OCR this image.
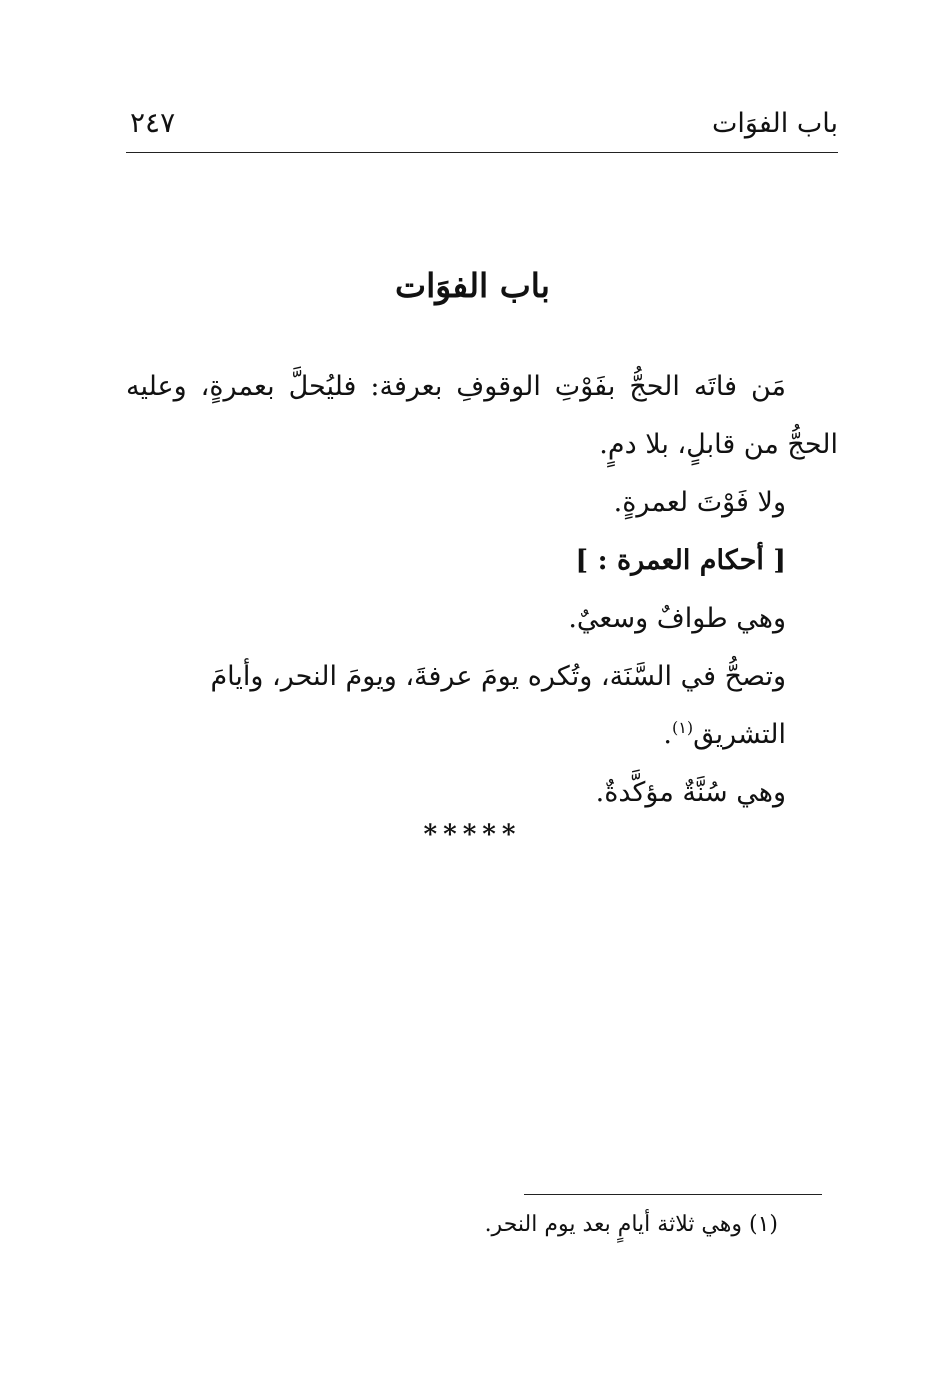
باب الفوَات
٢٤٧
باب الفوَات

مَن فاتَه الحجُّ بفَوْتِ الوقوفِ بعرفة: فليُحلَّ بعمرةٍ، وعليه الحجُّ من قابلٍ، بلا دمٍ.

ولا فَوْتَ لعمرةٍ.

[ أحكام العمرة : ]

وهي طوافٌ وسعيٌ.

وتصحُّ في السَّنَة، وتُكره يومَ عرفةَ، ويومَ النحر، وأيامَ التشريق$^{(١)}$.

وهي سُنَّةٌ مؤكَّدةٌ.

*****
(١) وهي ثلاثة أيامٍ بعد يوم النحر.
